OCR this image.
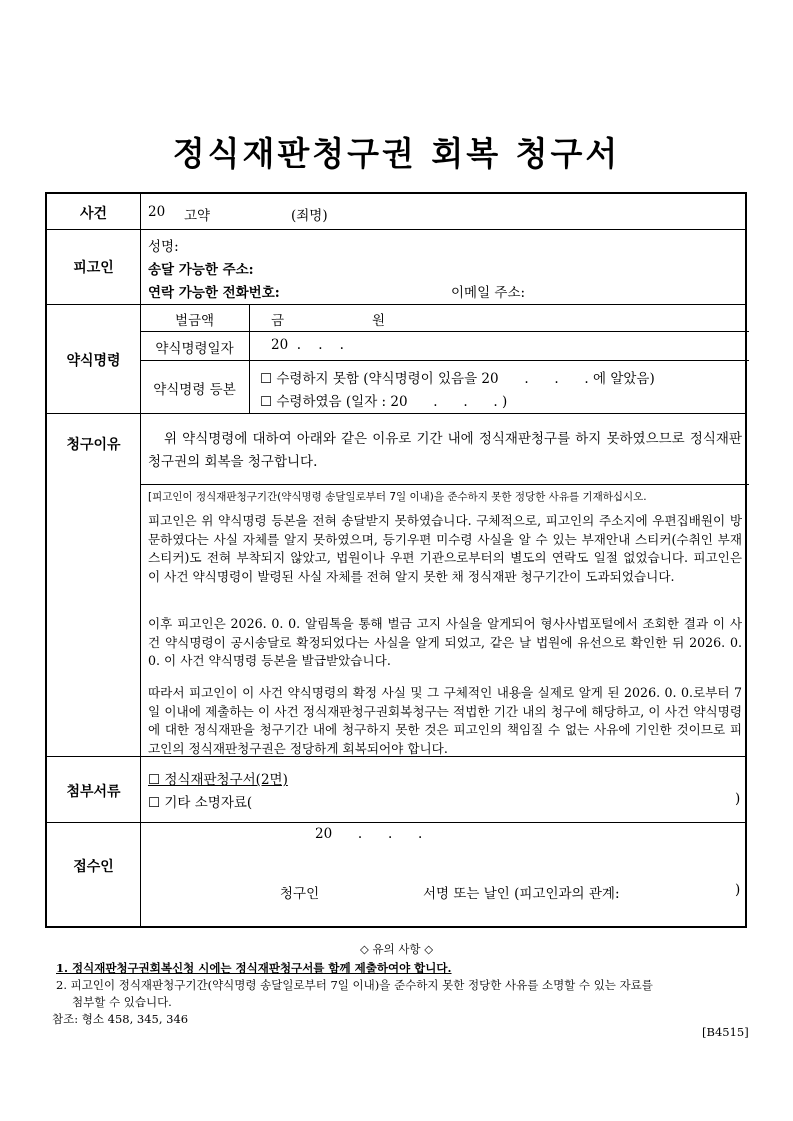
정식재판청구권 회복 청구서
사건	20 고약	(죄명)
피고인
성명:
송달 가능한 주소:
연락 가능한 전화번호:	이메일 주소:
약식명령
벌금액	금	원
약식명령일자	20  .    .    .
약식명령 등본
☐ 수령하지 못함 (약식명령이 있음을 20      .      .      . 에 알았음)
☐ 수령하였음 (일자 : 20      .      .      . )
청구이유	위 약식명령에 대하여 아래와 같은 이유로 기간 내에 정식재판청구를 하지 못하였으므로 정식재판청구권의 회복을 청구합니다.
[피고인이 정식재판청구기간(약식명령 송달일로부터 7일 이내)을 준수하지 못한 정당한 사유를 기재하십시오.
피고인은 위 약식명령 등본을 전혀 송달받지 못하였습니다. 구체적으로, 피고인의 주소지에 우편집배원이 방문하였다는 사실 자체를 알지 못하였으며, 등기우편 미수령 사실을 알 수 있는 부재안내 스티커(수취인 부재 스티커)도 전혀 부착되지 않았고, 법원이나 우편 기관으로부터의 별도의 연락도 일절 없었습니다. 피고인은 이 사건 약식명령이 발령된 사실 자체를 전혀 알지 못한 채 정식재판 청구기간이 도과되었습니다.
이후 피고인은 2026. 0. 0. 알림톡을 통해 벌금 고지 사실을 알게되어 형사사법포털에서 조회한 결과 이 사건 약식명령이 공시송달로 확정되었다는 사실을 알게 되었고, 같은 날 법원에 유선으로 확인한 뒤 2026. 0. 0. 이 사건 약식명령 등본을 발급받았습니다.
따라서 피고인이 이 사건 약식명령의 확정 사실 및 그 구체적인 내용을 실제로 알게 된 2026. 0. 0.로부터 7일 이내에 제출하는 이 사건 정식재판청구권회복청구는 적법한 기간 내의 청구에 해당하고, 이 사건 약식명령에 대한 정식재판을 청구기간 내에 청구하지 못한 것은 피고인의 책임질 수 없는 사유에 기인한 것이므로 피고인의 정식재판청구권은 정당하게 회복되어야 합니다.
첨부서류
☐ 정식재판청구서(2면)
☐ 기타 소명자료(	)
접수인
20      .      .      .
청구인	서명 또는 날인 (피고인과의 관계:	)
◇ 유의 사항 ◇
1. 정식재판청구권회복신청 시에는 정식재판청구서를 함께 제출하여야 합니다.
2. 피고인이 정식재판청구기간(약식명령 송달일로부터 7일 이내)을 준수하지 못한 정당한 사유를 소명할 수 있는 자료를
첨부할 수 있습니다.
참조: 형소 458, 345, 346
[B4515]
